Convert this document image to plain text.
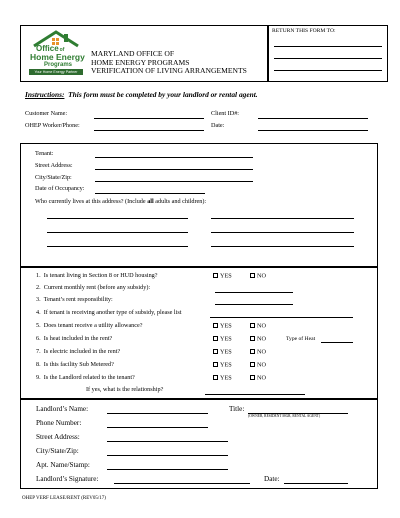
Officeof
Home Energy
Programs
Your Home Energy Partner
MARYLAND OFFICE OF
HOME ENERGY PROGRAMS
VERIFICATION OF LIVING ARRANGEMENTS
RETURN THIS FORM TO:
Instructions: This form must be completed by your landlord or rental agent.
Customer Name:	Client ID#:
OHEP Worker/Phone:	Date:
Tenant:
Street Address:
City/State/Zip:
Date of Occupancy:
Who currently lives at this address? (Include all adults and children):
1. Is tenant living in Section 8 or HUD housing?	YES	NO
2. Current monthly rent (before any subsidy):
3. Tenant’s rent responsibility:
4. If tenant is receiving another type of subsidy, please list
5. Does tenant receive a utility allowance?	YES	NO
6. Is heat included in the rent?	YES	NO	Type of Heat
7. Is electric included in the rent?	YES	NO
8. Is this facility Sub Metered?	YES	NO
9. Is the Landlord related to the tenant?	YES	NO
If yes, what is the relationship?
Landlord’s Name:	Title:
(OWNER, RESIDENT MGR, RENTAL AGENT)
Phone Number:
Street Address:
City/State/Zip:
Apt. Name/Stamp:
Landlord’s Signature:	Date:
OHEP VERF LEASE/RENT (REV05/17)
